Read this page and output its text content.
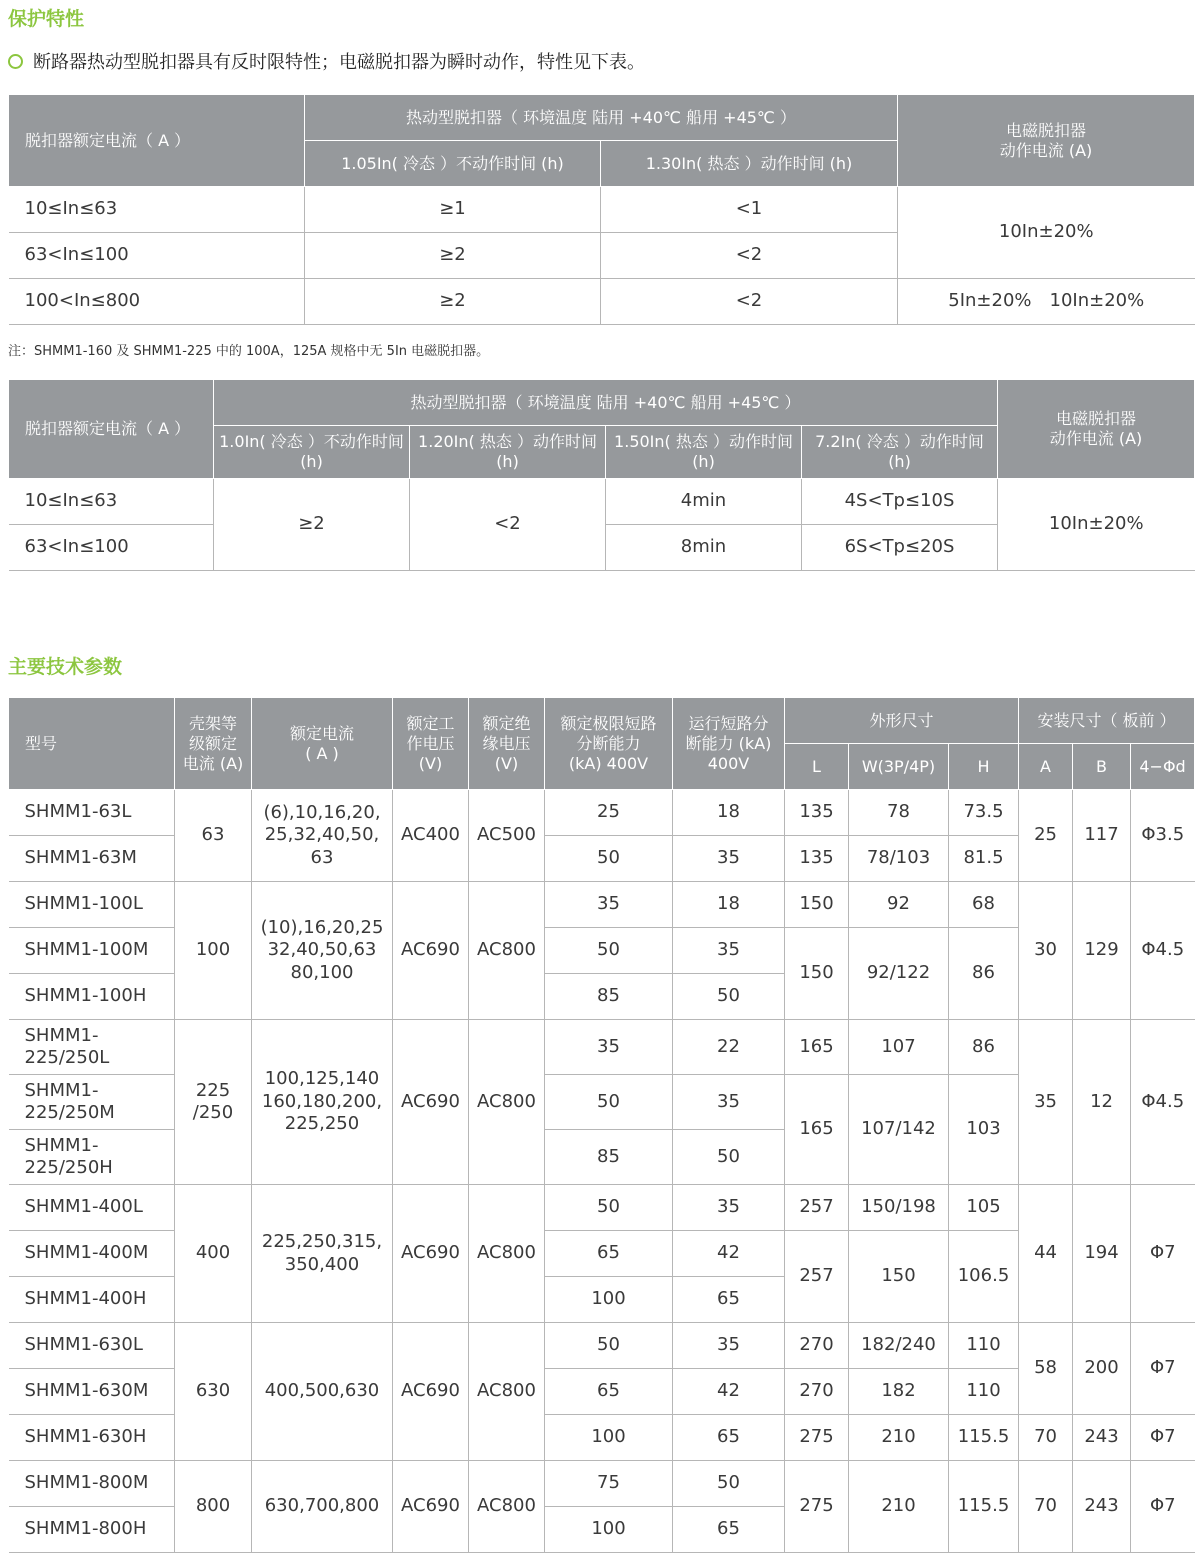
保护特性
断路器热动型脱扣器具有反时限特性；电磁脱扣器为瞬时动作，特性见下表。
脱扣器额定电流（ A ）	热动型脱扣器（ 环境温度 陆用 +40℃ 船用 +45℃ ）		电磁脱扣器
动作电流 (A)
	1.05In( 冷态 ）不动作时间 (h)	1.30In( 热态 ）动作时间 (h)	
10≤In≤63	≥1	<1	10In±20%
63<In≤100	≥2	<2	
100<In≤800	≥2	<2	5In±20%　10In±20%
注：SHMM1-160 及 SHMM1-225 中的 100A，125A 规格中无 5In 电磁脱扣器。
脱扣器额定电流（ A ）	热动型脱扣器（ 环境温度 陆用 +40℃ 船用 +45℃ ）				电磁脱扣器
动作电流 (A)
	1.0In( 冷态 ）不动作时间 (h)	1.20In( 热态 ）动作时间 (h)	1.50In( 热态 ）动作时间 (h)	7.2In( 冷态 ）动作时间 (h)	
10≤In≤63	≥2	<2	4min	4S<Tp≤10S	10In±20%
63<In≤100			8min	6S<Tp≤20S	
主要技术参数
型号	壳架等
级额定
电流 (A)	额定电流
( A )	额定工
作电压
(V)	额定绝
缘电压
(V)	额定极限短路
分断能力
(kA) 400V	运行短路分
断能力 (kA)
400V	外形尺寸			安装尺寸（ 板前 ）		
							L	W(3P/4P)	H	A	B	4−Φd
SHMM1-63L	63	(6),10,16,20,
25,32,40,50,
63	AC400	AC500	25	18	135	78	73.5	25	117	Φ3.5
SHMM1-63M					50	35	135	78/103	81.5			
SHMM1-100L	100	(10),16,20,25
32,40,50,63
80,100	AC690	AC800	35	18	150	92	68	30	129	Φ4.5
SHMM1-100M					50	35	150	92/122	86			
SHMM1-100H					85	50						
SHMM1-
225/250L	225
/250	100,125,140
160,180,200,
225,250	AC690	AC800	35	22	165	107	86	35	12	Φ4.5
SHMM1-
225/250M					50	35	165	107/142	103			
SHMM1-
225/250H					85	50						
SHMM1-400L	400	225,250,315,
350,400	AC690	AC800	50	35	257	150/198	105	44	194	Φ7
SHMM1-400M					65	42	257	150	106.5			
SHMM1-400H					100	65						
SHMM1-630L	630	400,500,630	AC690	AC800	50	35	270	182/240	110	58	200	Φ7
SHMM1-630M					65	42	270	182	110			
SHMM1-630H					100	65	275	210	115.5	70	243	Φ7
SHMM1-800M	800	630,700,800	AC690	AC800	75	50	275	210	115.5	70	243	Φ7
SHMM1-800H					100	65						
